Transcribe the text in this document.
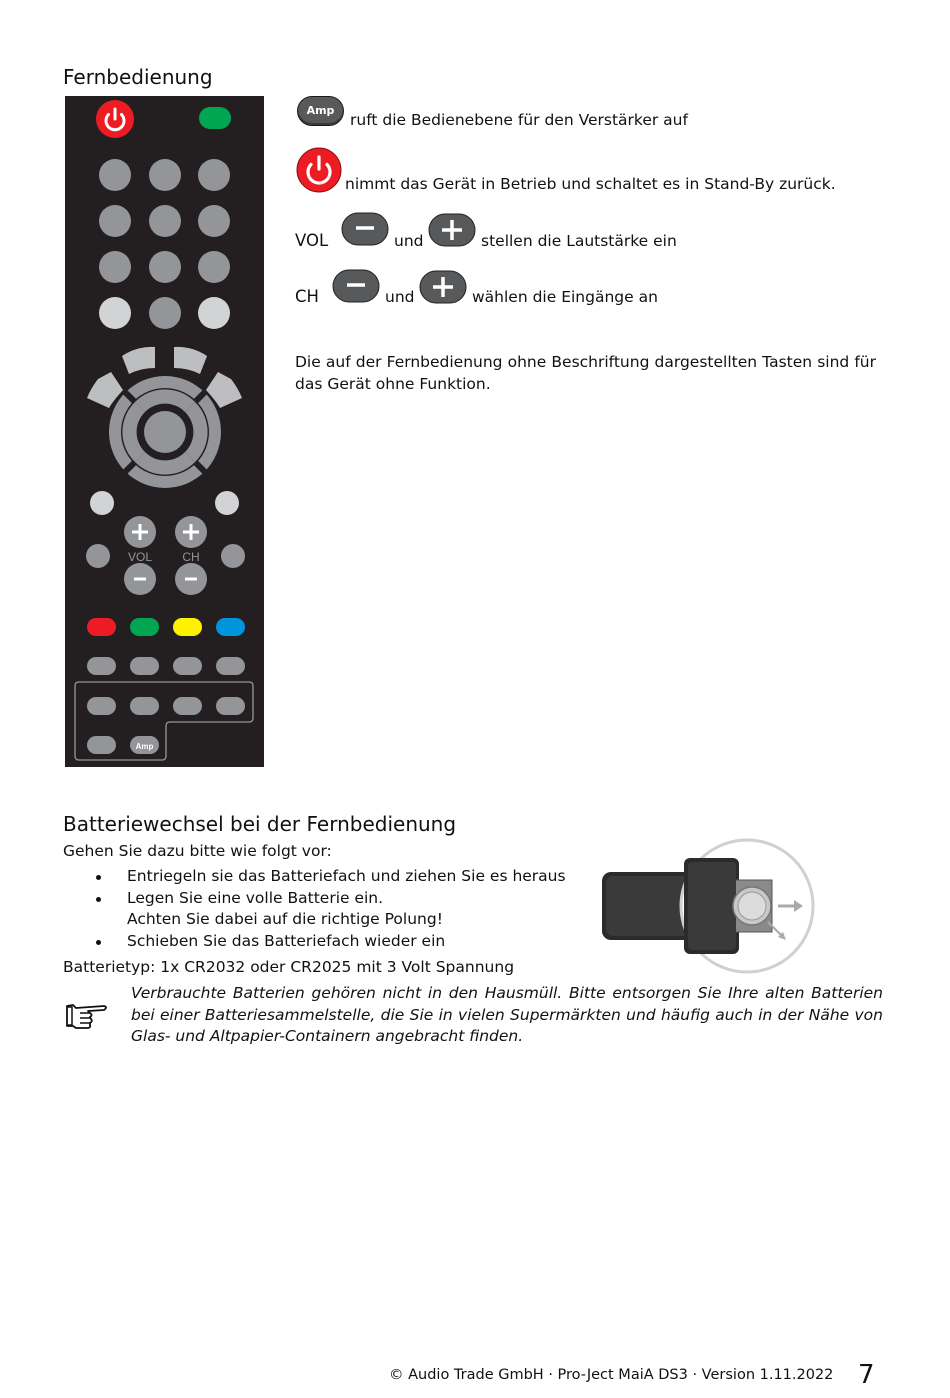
Fernbedienung
VOL	CH
Amp
Amp
ruft die Bedienebene für den Verstärker auf
nimmt das Gerät in Betrieb und schaltet es in Stand-By zurück.
VOL	und	stellen die Lautstärke ein
CH	und	wählen die Eingänge an

Die auf der Fernbedienung ohne Beschriftung dargestellten Tasten sind für das Gerät ohne Funktion.

Batteriewechsel bei der Fernbedienung
Gehen Sie dazu bitte wie folgt vor:
Entriegeln sie das Batteriefach und ziehen Sie es heraus
Legen Sie eine volle Batterie ein.
Achten Sie dabei auf die richtige Polung!
Schieben Sie das Batteriefach wieder ein
Batterietyp: 1x CR2032 oder CR2025 mit 3 Volt Spannung

Verbrauchte Batterien gehören nicht in den Hausmüll. Bitte entsorgen Sie Ihre alten Batterien bei einer Batteriesammelstelle, die Sie in vielen Supermärkten und häufig auch in der Nähe von Glas- und Altpapier-Containern angebracht finden.

© Audio Trade GmbH · Pro-Ject MaiA DS3 · Version 1.11.2022 7
